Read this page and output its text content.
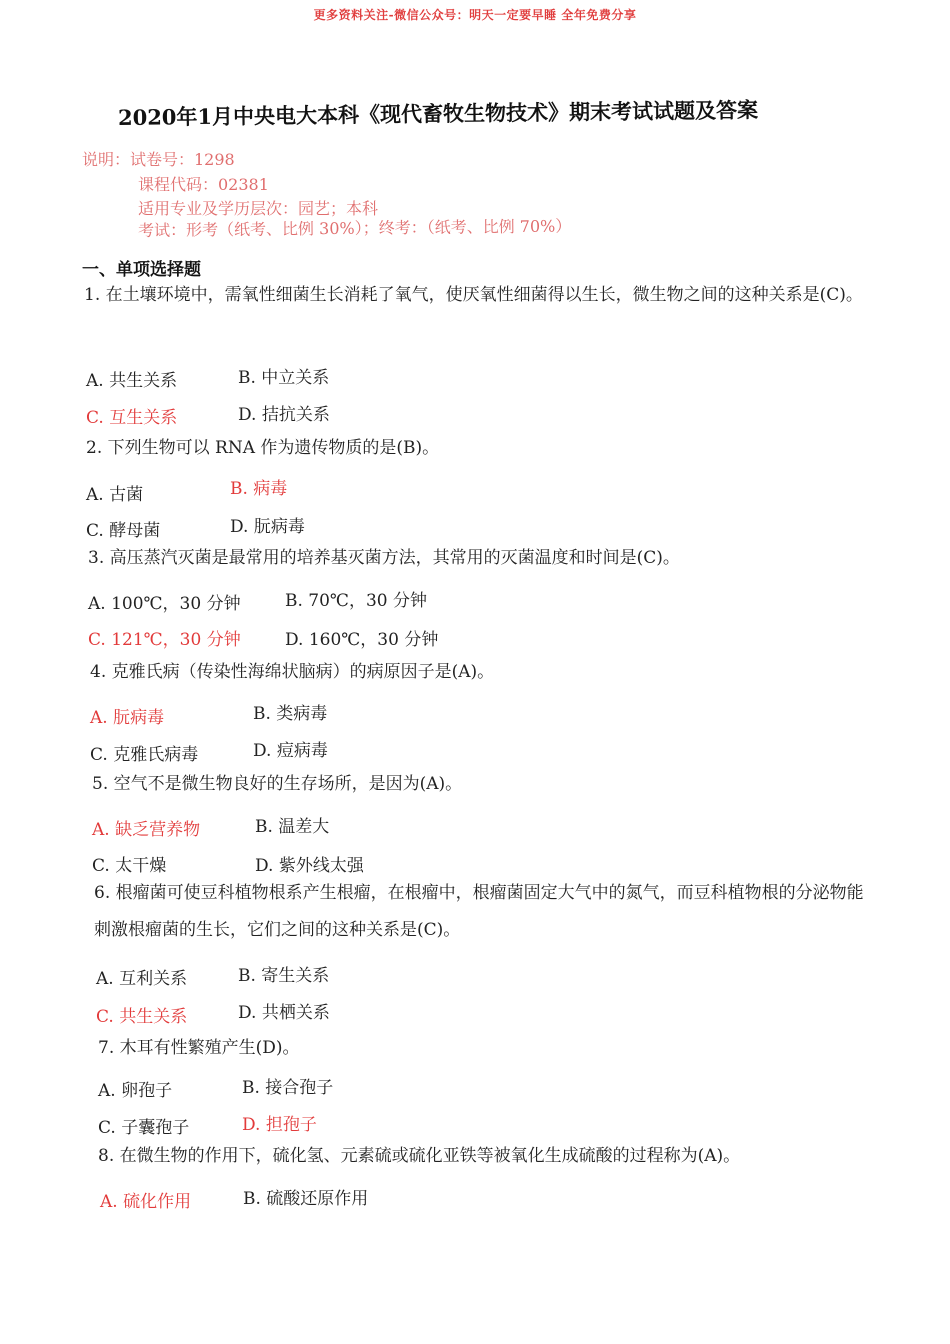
更多资料关注-微信公众号：明天一定要早睡 全年免费分享
2020年1月中央电大本科《现代畜牧生物技术》期末考试试题及答案
说明：试卷号：1298
课程代码：02381
适用专业及学历层次：园艺；本科
考试：形考（纸考、比例 30%）；终考：（纸考、比例 70%）
一、单项选择题
1. 在土壤环境中，需氧性细菌生长消耗了氧气，使厌氧性细菌得以生长，微生物之间的这种关系是(C)。
A. 共生关系	B. 中立关系
C. 互生关系	D. 拮抗关系
2. 下列生物可以 RNA 作为遗传物质的是(B)。
A. 古菌	B. 病毒
C. 酵母菌	D. 朊病毒
3. 高压蒸汽灭菌是最常用的培养基灭菌方法，其常用的灭菌温度和时间是(C)。
A. 100℃，30 分钟	B. 70℃，30 分钟
C. 121℃，30 分钟	D. 160℃，30 分钟
4. 克雅氏病（传染性海绵状脑病）的病原因子是(A)。
A. 朊病毒	B. 类病毒
C. 克雅氏病毒	D. 痘病毒
5. 空气不是微生物良好的生存场所，是因为(A)。
A. 缺乏营养物	B. 温差大
C. 太干燥	D. 紫外线太强
6. 根瘤菌可使豆科植物根系产生根瘤，在根瘤中，根瘤菌固定大气中的氮气，而豆科植物根的分泌物能刺激根瘤菌的生长，它们之间的这种关系是(C)。
A. 互利关系	B. 寄生关系
C. 共生关系	D. 共栖关系
7. 木耳有性繁殖产生(D)。
A. 卵孢子	B. 接合孢子
C. 子囊孢子	D. 担孢子
8. 在微生物的作用下，硫化氢、元素硫或硫化亚铁等被氧化生成硫酸的过程称为(A)。
A. 硫化作用	B. 硫酸还原作用
